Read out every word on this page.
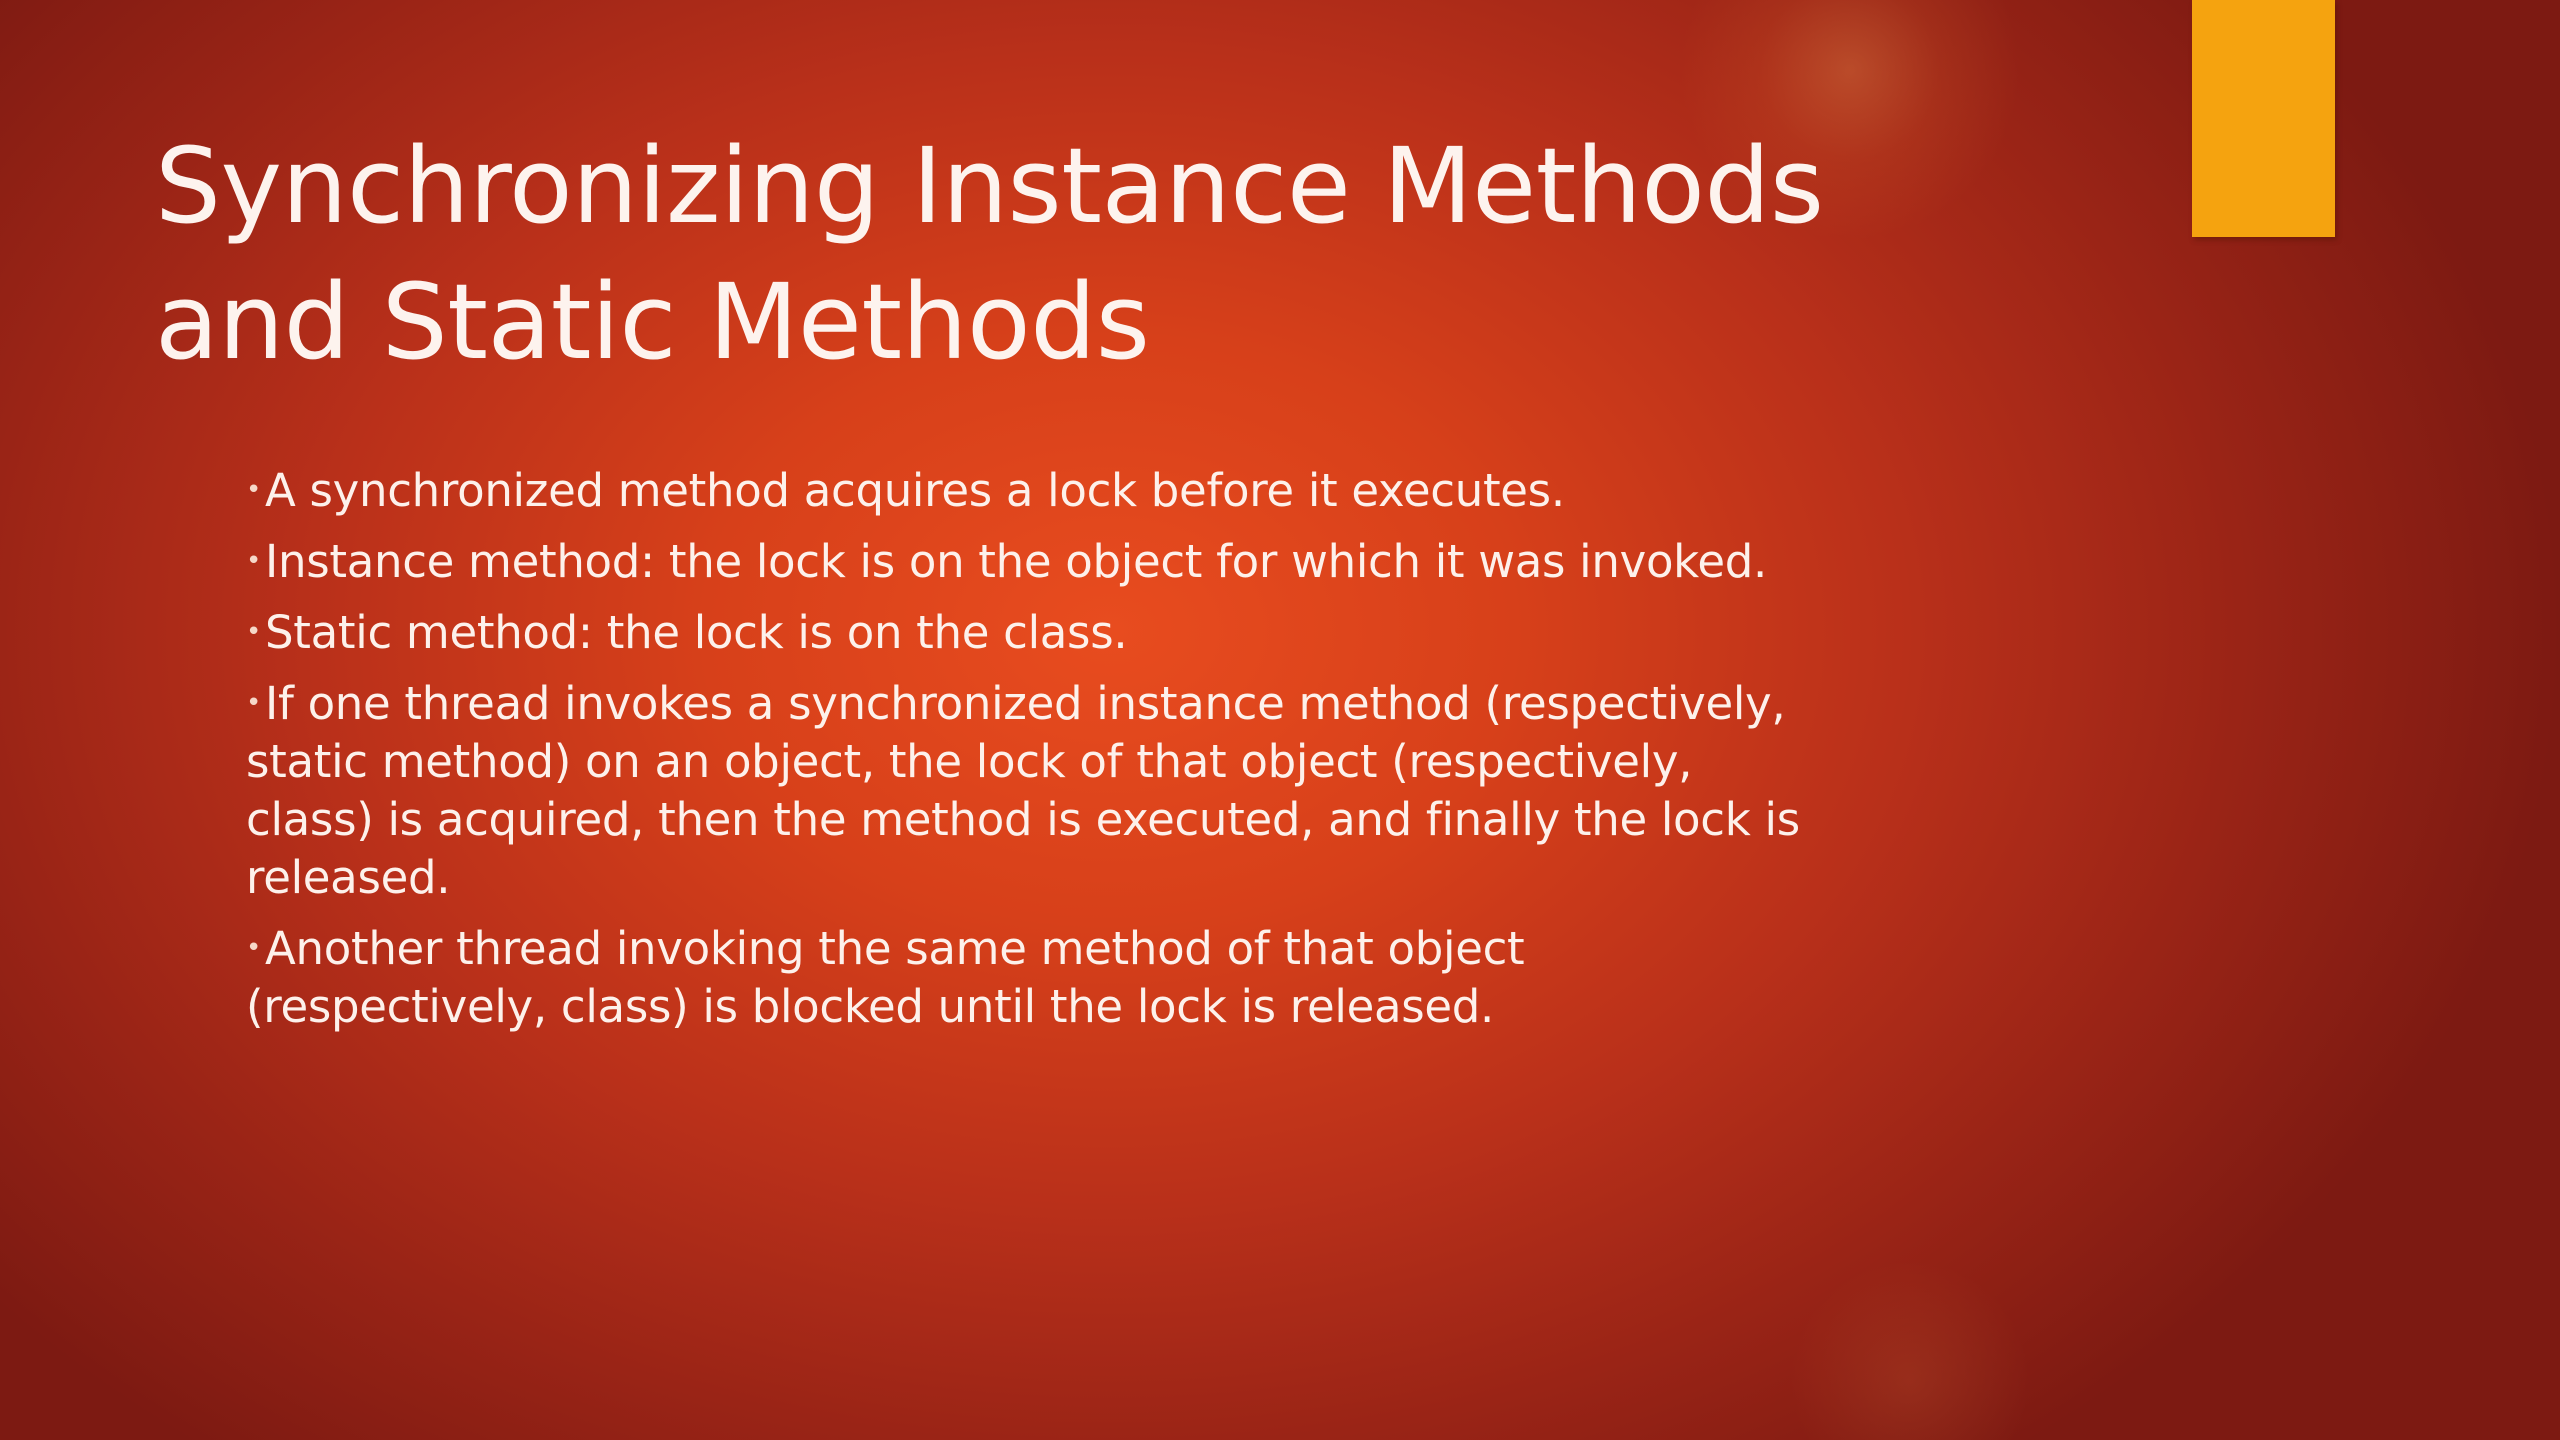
Synchronizing Instance Methods
and Static Methods
•A synchronized method acquires a lock before it executes.
•Instance method: the lock is on the object for which it was invoked.
•Static method: the lock is on the class.
•If one thread invokes a synchronized instance method (respectively, static method) on an object, the lock of that object (respectively, class) is acquired, then the method is executed, and finally the lock is released.
•Another thread invoking the same method of that object (respectively, class) is blocked until the lock is released.
